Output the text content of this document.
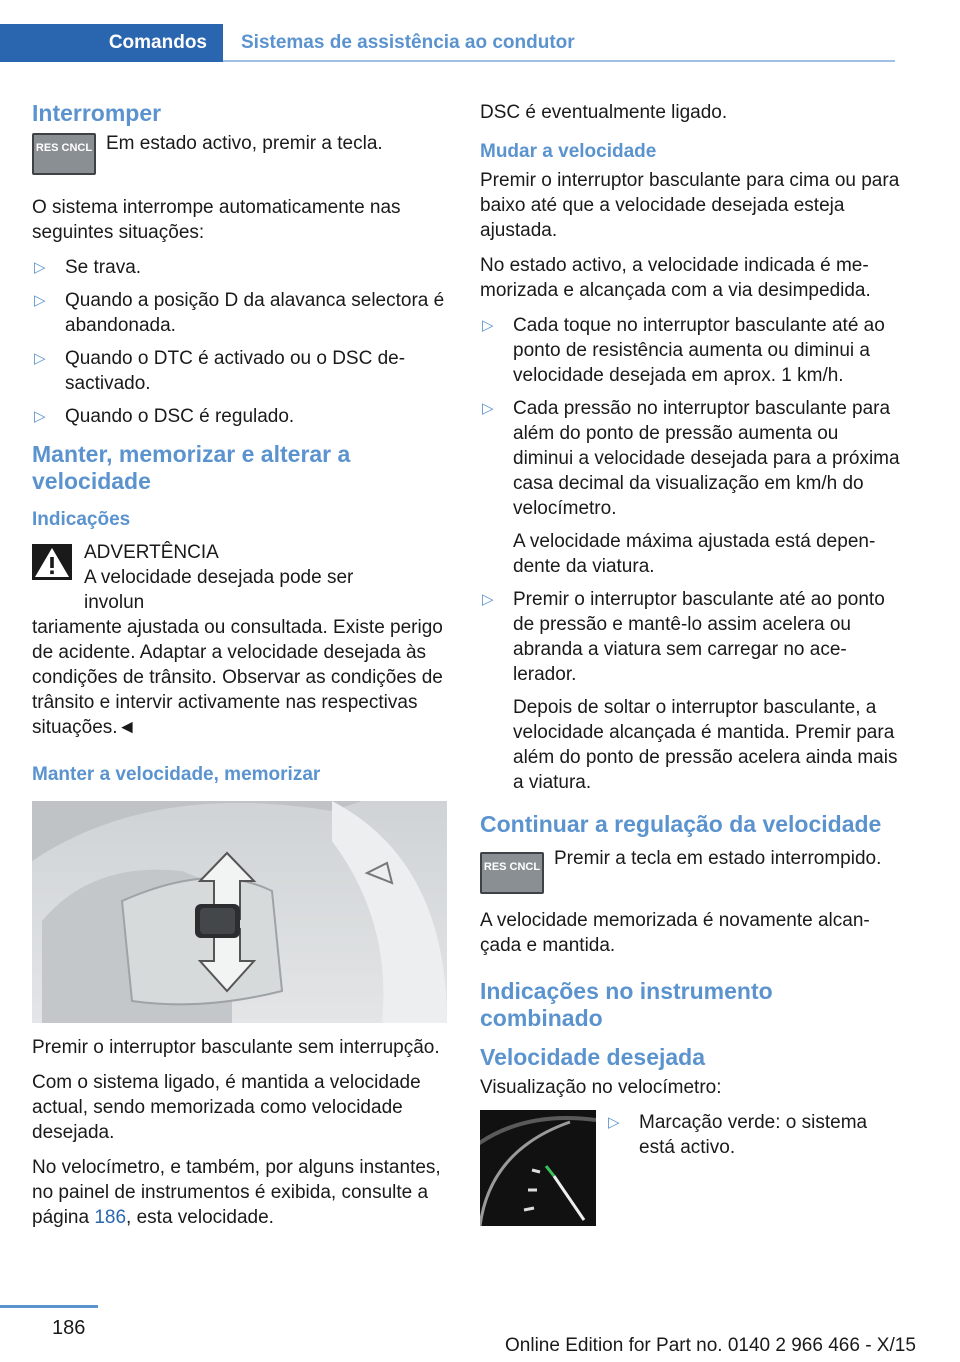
Comandos	Sistemas de assistência ao condutor
Interromper
RES CNCL Em estado activo, premir a tecla.

O sistema interrompe automaticamente nas seguintes situações:

▷ Se trava.
▷ Quando a posição D da alavanca selectora é abandonada.
▷ Quando o DTC é activado ou o DSC desactivado.
▷ Quando o DSC é regulado.
Manter, memorizar e alterar a velocidade
Indicações
ADVERTÊNCIA
A velocidade desejada pode ser involun tariamente ajustada ou consultada. Existe perigo de acidente. Adaptar a velocidade desejada às condições de trânsito. Observar as condições de trânsito e intervir activamente nas respectivas situações.◄
Manter a velocidade, memorizar

Premir o interruptor basculante sem interrupção.

Com o sistema ligado, é mantida a velocidade actual, sendo memorizada como velocidade desejada.

No velocímetro, e também, por alguns instantes, no painel de instrumentos é exibida, consulte a página 186, esta velocidade.

DSC é eventualmente ligado.

Mudar a velocidade

Premir o interruptor basculante para cima ou para baixo até que a velocidade desejada esteja ajustada.

No estado activo, a velocidade indicada é memorizada e alcançada com a via desimpedida.

▷ Cada toque no interruptor basculante até ao ponto de resistência aumenta ou diminui a velocidade desejada em aprox. 1 km/h.
▷ Cada pressão no interruptor basculante para além do ponto de pressão aumenta ou diminui a velocidade desejada para a próxima casa decimal da visualização em km/h do velocímetro.
A velocidade máxima ajustada está dependente da viatura.
▷ Premir o interruptor basculante até ao ponto de pressão e mantê-lo assim acelera ou abranda a viatura sem carregar no acelerador.
Depois de soltar o interruptor basculante, a velocidade alcançada é mantida. Premir para além do ponto de pressão acelera ainda mais a viatura.
Continuar a regulação da velocidade
RES CNCL Premir a tecla em estado interrompido.

A velocidade memorizada é novamente alcançada e mantida.

Indicações no instrumento combinado
Velocidade desejada

Visualização no velocímetro:

▷ Marcação verde: o sistema está activo.
186
Online Edition for Part no. 0140 2 966 466 - X/15
